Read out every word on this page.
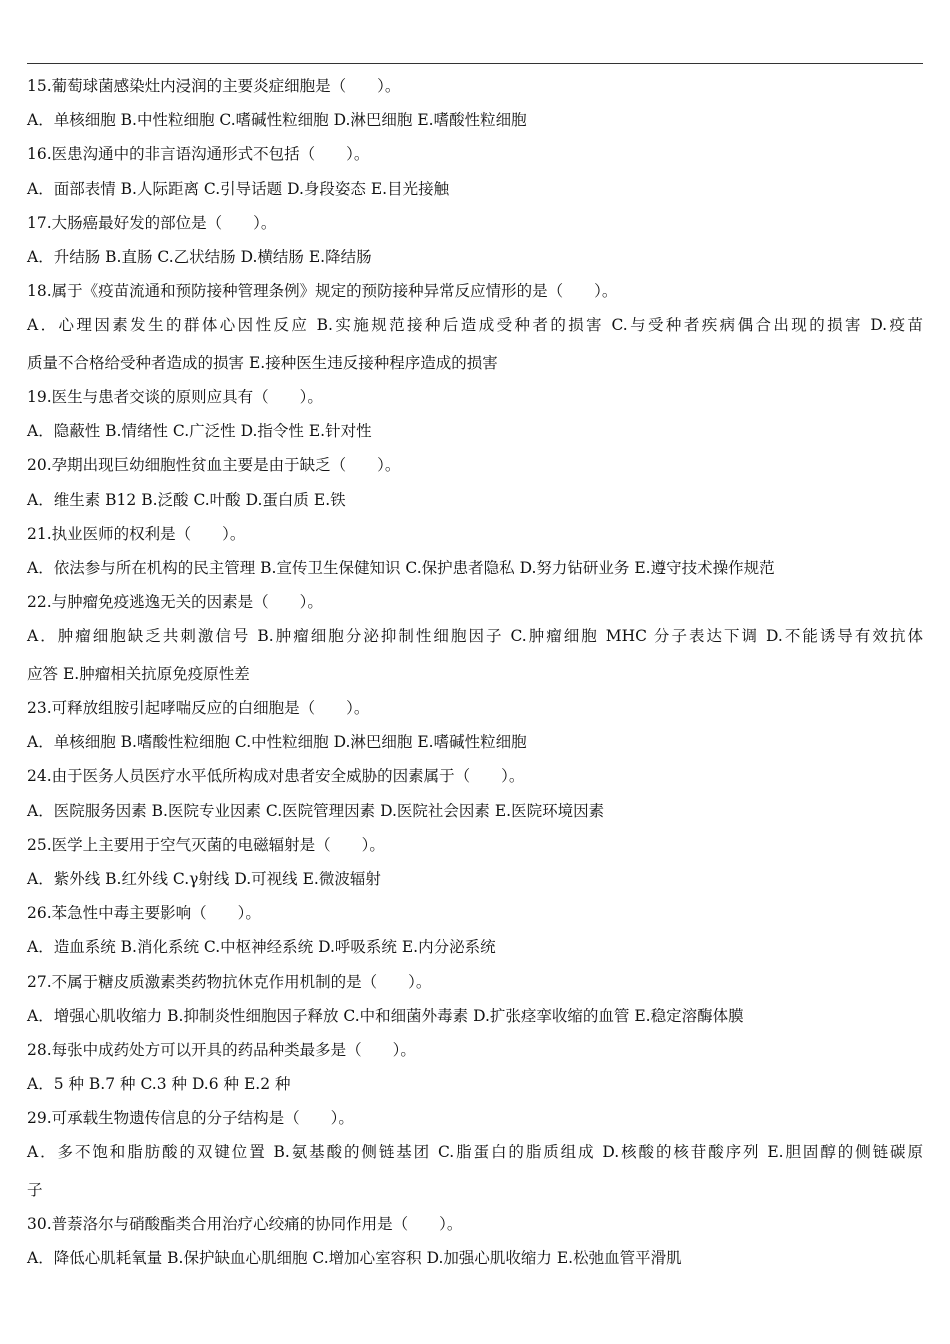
15.葡萄球菌感染灶内浸润的主要炎症细胞是（　　）。
A．单核细胞 B.中性粒细胞 C.嗜碱性粒细胞 D.淋巴细胞 E.嗜酸性粒细胞
16.医患沟通中的非言语沟通形式不包括（　　）。
A．面部表情 B.人际距离 C.引导话题 D.身段姿态 E.目光接触
17.大肠癌最好发的部位是（　　）。
A．升结肠 B.直肠 C.乙状结肠 D.横结肠 E.降结肠
18.属于《疫苗流通和预防接种管理条例》规定的预防接种异常反应情形的是（　　）。
A．心理因素发生的群体心因性反应 B.实施规范接种后造成受种者的损害 C.与受种者疾病偶合出现的损害 D.疫苗
质量不合格给受种者造成的损害 E.接种医生违反接种程序造成的损害
19.医生与患者交谈的原则应具有（　　）。
A．隐蔽性 B.情绪性 C.广泛性 D.指令性 E.针对性
20.孕期出现巨幼细胞性贫血主要是由于缺乏（　　）。
A．维生素 B12 B.泛酸 C.叶酸 D.蛋白质 E.铁
21.执业医师的权利是（　　）。
A．依法参与所在机构的民主管理 B.宣传卫生保健知识 C.保护患者隐私 D.努力钻研业务 E.遵守技术操作规范
22.与肿瘤免疫逃逸无关的因素是（　　）。
A．肿瘤细胞缺乏共刺激信号 B.肿瘤细胞分泌抑制性细胞因子 C.肿瘤细胞 MHC 分子表达下调 D.不能诱导有效抗体
应答 E.肿瘤相关抗原免疫原性差
23.可释放组胺引起哮喘反应的白细胞是（　　）。
A．单核细胞 B.嗜酸性粒细胞 C.中性粒细胞 D.淋巴细胞 E.嗜碱性粒细胞
24.由于医务人员医疗水平低所构成对患者安全威胁的因素属于（　　）。
A．医院服务因素 B.医院专业因素 C.医院管理因素 D.医院社会因素 E.医院环境因素
25.医学上主要用于空气灭菌的电磁辐射是（　　）。
A．紫外线 B.红外线 C.γ射线 D.可视线 E.微波辐射
26.苯急性中毒主要影响（　　）。
A．造血系统 B.消化系统 C.中枢神经系统 D.呼吸系统 E.内分泌系统
27.不属于糖皮质激素类药物抗休克作用机制的是（　　）。
A．增强心肌收缩力 B.抑制炎性细胞因子释放 C.中和细菌外毒素 D.扩张痉挛收缩的血管 E.稳定溶酶体膜
28.每张中成药处方可以开具的药品种类最多是（　　）。
A．5 种 B.7 种 C.3 种 D.6 种 E.2 种
29.可承载生物遗传信息的分子结构是（　　）。
A．多不饱和脂肪酸的双键位置 B.氨基酸的侧链基团 C.脂蛋白的脂质组成 D.核酸的核苷酸序列 E.胆固醇的侧链碳原
子
30.普萘洛尔与硝酸酯类合用治疗心绞痛的协同作用是（　　）。
A．降低心肌耗氧量 B.保护缺血心肌细胞 C.增加心室容积 D.加强心肌收缩力 E.松弛血管平滑肌
